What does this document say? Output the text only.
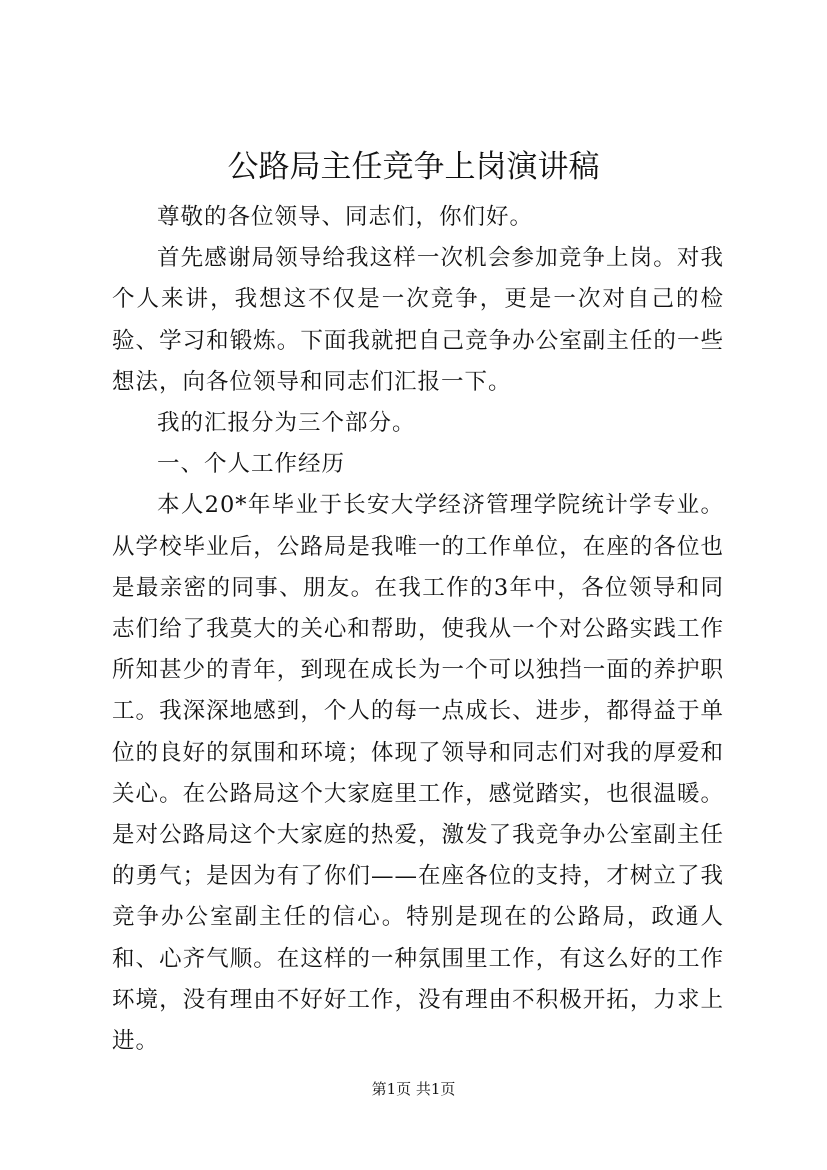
公路局主任竞争上岗演讲稿

尊敬的各位领导、同志们，你们好。

首先感谢局领导给我这样一次机会参加竞争上岗。对我个人来讲，我想这不仅是一次竞争，更是一次对自己的检验、学习和锻炼。下面我就把自己竞争办公室副主任的一些想法，向各位领导和同志们汇报一下。

我的汇报分为三个部分。

一、个人工作经历

本人20*年毕业于长安大学经济管理学院统计学专业。从学校毕业后，公路局是我唯一的工作单位，在座的各位也是最亲密的同事、朋友。在我工作的3年中，各位领导和同志们给了我莫大的关心和帮助，使我从一个对公路实践工作所知甚少的青年，到现在成长为一个可以独挡一面的养护职工。我深深地感到，个人的每一点成长、进步，都得益于单位的良好的氛围和环境；体现了领导和同志们对我的厚爱和关心。在公路局这个大家庭里工作，感觉踏实，也很温暖。是对公路局这个大家庭的热爱，激发了我竞争办公室副主任的勇气；是因为有了你们——在座各位的支持，才树立了我竞争办公室副主任的信心。特别是现在的公路局，政通人和、心齐气顺。在这样的一种氛围里工作，有这么好的工作环境，没有理由不好好工作，没有理由不积极开拓，力求上进。

第1页 共1页
